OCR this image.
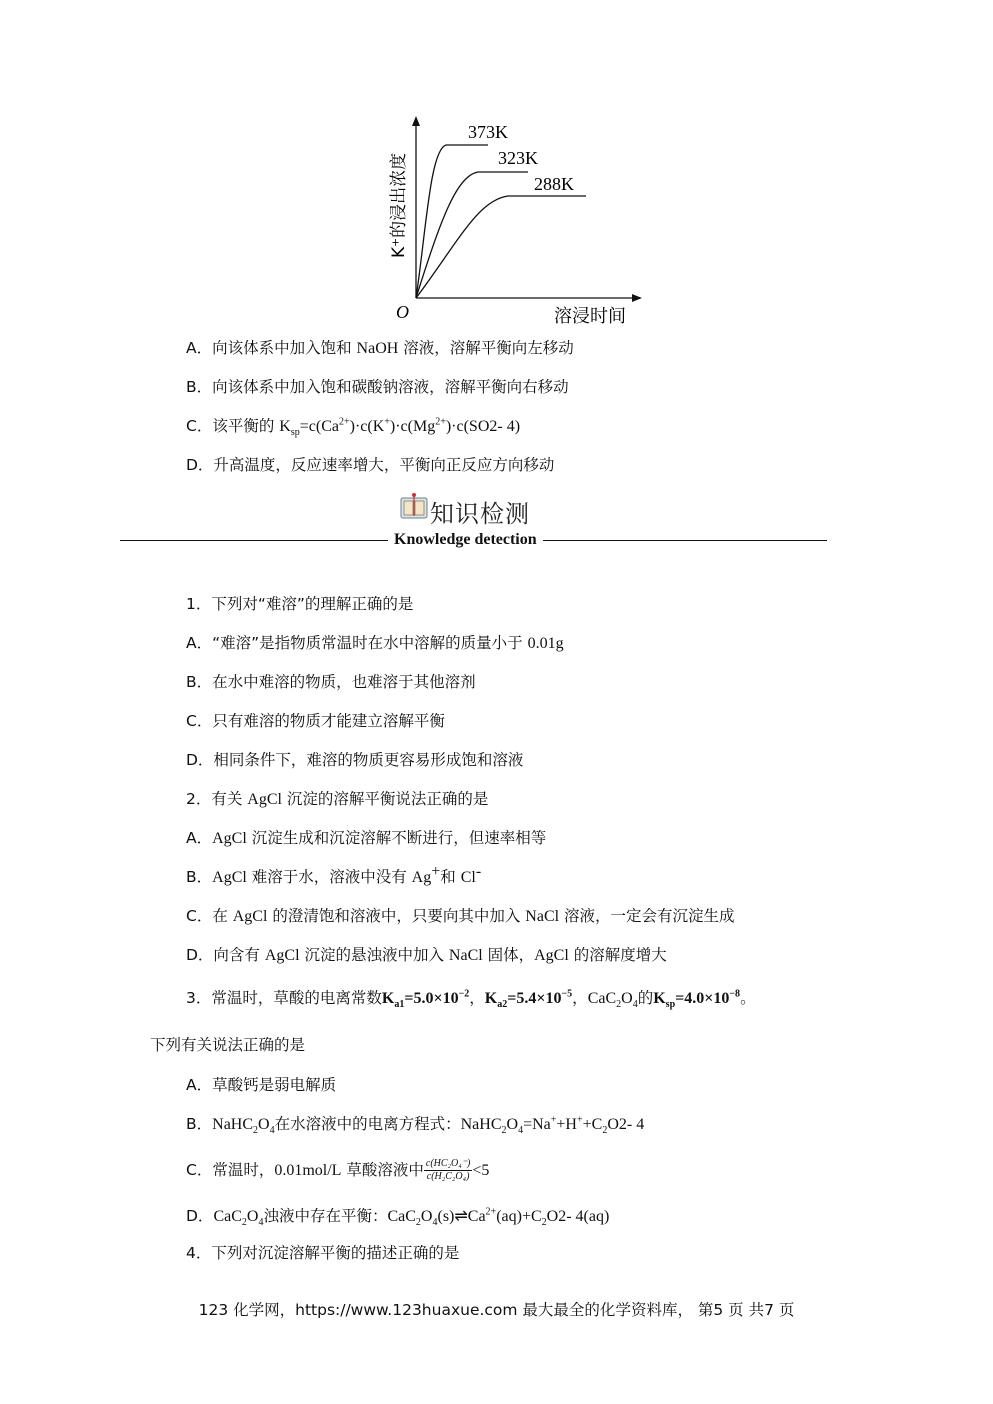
373K
323K
288K
O	溶浸时间
K⁺的浸出浓度
A．向该体系中加入饱和 NaOH 溶液，溶解平衡向左移动
B．向该体系中加入饱和碳酸钠溶液，溶解平衡向右移动
C．该平衡的 $K_{sp}=c(Ca^{2+})\cdot c(K^+)\cdot c(Mg^{2+})\cdot c(SO2-$ 4)
D．升高温度，反应速率增大，平衡向正反应方向移动
知识检测
Knowledge detection
1．下列对“难溶”的理解正确的是
A．“难溶”是指物质常温时在水中溶解的质量小于 0.01g
B．在水中难溶的物质，也难溶于其他溶剂
C．只有难溶的物质才能建立溶解平衡
D．相同条件下，难溶的物质更容易形成饱和溶液
2．有关 AgCl 沉淀的溶解平衡说法正确的是
A．AgCl 沉淀生成和沉淀溶解不断进行，但速率相等
B．AgCl 难溶于水，溶液中没有 Ag+和 Cl-
C．在 AgCl 的澄清饱和溶液中，只要向其中加入 NaCl 溶液，一定会有沉淀生成
D．向含有 AgCl 沉淀的悬浊液中加入 NaCl 固体，AgCl 的溶解度增大
3．常温时，草酸的电离常数$K_{a1}=5.0\times 10^{-2}$，$K_{a2}=5.4\times 10^{-5}$，$CaC_2O_4$的$K_{sp}=4.0\times 10^{-8}$。
下列有关说法正确的是
A．草酸钙是弱电解质
B．$NaHC_2O_4$在水溶液中的电离方程式：$NaHC_2O_4=Na^++H^++C_2O2-$ 4
C．常温时，0.01mol/L 草酸溶液中 $\frac{\text{c(HC₂O₄⁻)}}{\text{c(H₂C₂O₄)}} <5$
D．$CaC_2O_4$浊液中存在平衡：$CaC_2O_4(s)\rightleftharpoons Ca^{2+}(aq)+C_2O2-$ 4(aq)
4．下列对沉淀溶解平衡的描述正确的是
123 化学网，https://www.123huaxue.com 最大最全的化学资料库， 第5 页 共7 页
